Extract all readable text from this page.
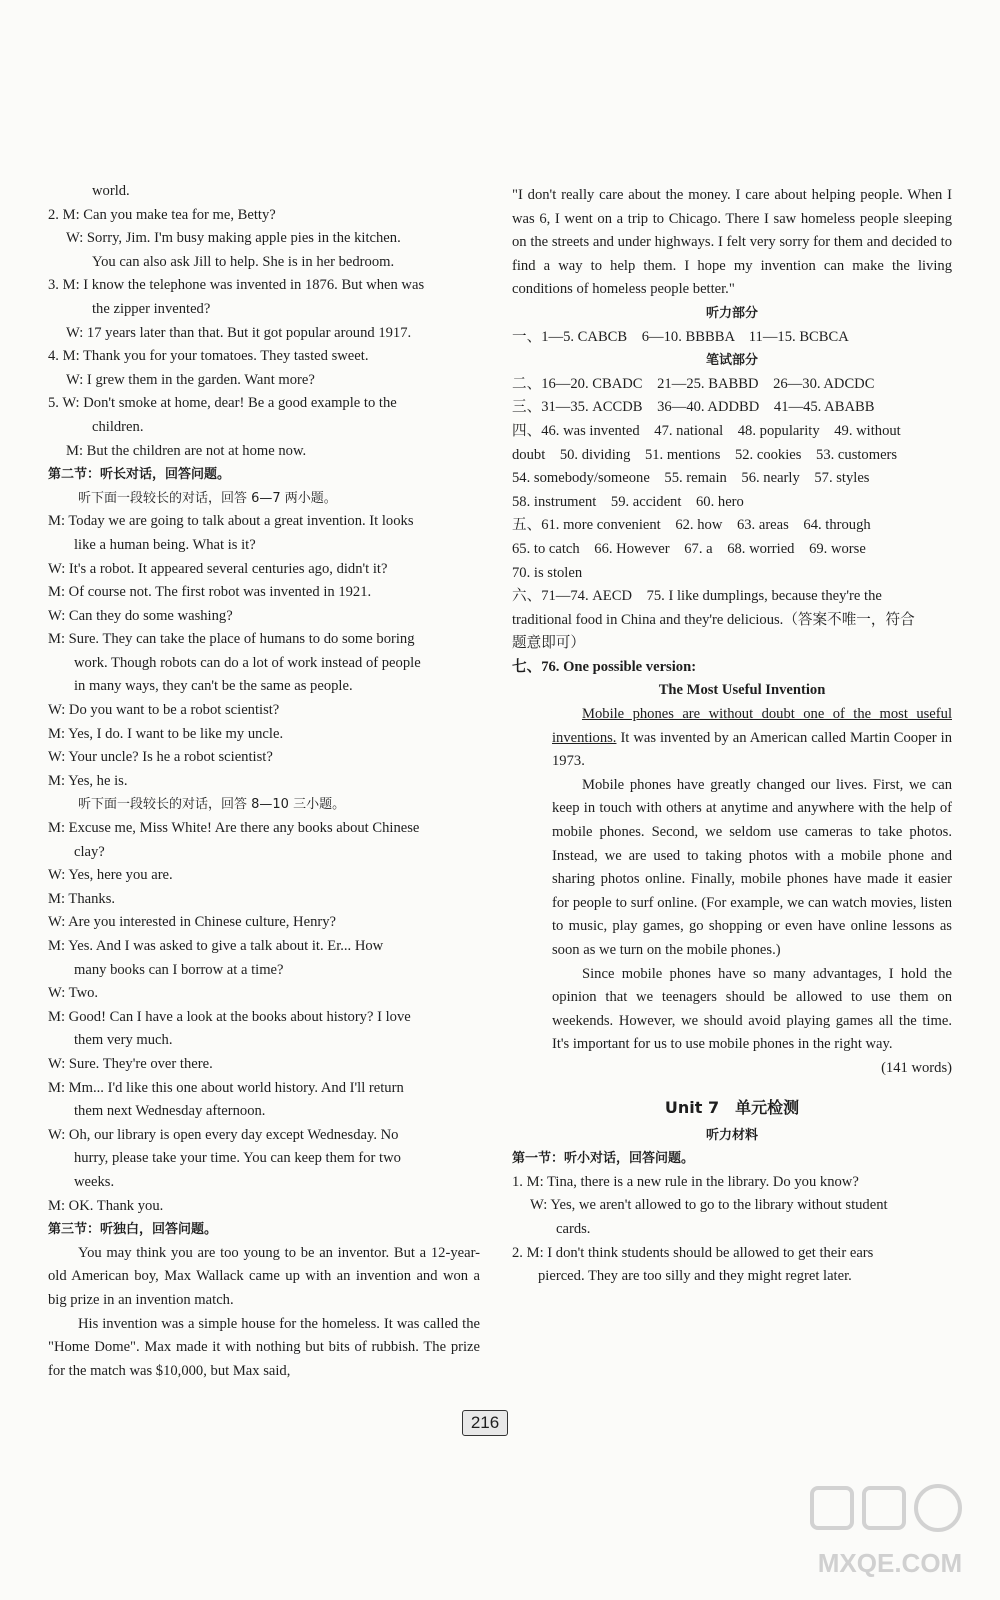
world.
2. M: Can you make tea for me, Betty?
W: Sorry, Jim. I'm busy making apple pies in the kitchen.
You can also ask Jill to help. She is in her bedroom.
3. M: I know the telephone was invented in 1876. But when was
the zipper invented?
W: 17 years later than that. But it got popular around 1917.
4. M: Thank you for your tomatoes. They tasted sweet.
W: I grew them in the garden. Want more?
5. W: Don't smoke at home, dear! Be a good example to the
children.
M: But the children are not at home now.
第二节：听长对话，回答问题。
听下面一段较长的对话，回答 6—7 两小题。
M: Today we are going to talk about a great invention. It looks
like a human being. What is it?
W: It's a robot. It appeared several centuries ago, didn't it?
M: Of course not. The first robot was invented in 1921.
W: Can they do some washing?
M: Sure. They can take the place of humans to do some boring
work. Though robots can do a lot of work instead of people
in many ways, they can't be the same as people.
W: Do you want to be a robot scientist?
M: Yes, I do. I want to be like my uncle.
W: Your uncle? Is he a robot scientist?
M: Yes, he is.
听下面一段较长的对话，回答 8—10 三小题。
M: Excuse me, Miss White! Are there any books about Chinese
clay?
W: Yes, here you are.
M: Thanks.
W: Are you interested in Chinese culture, Henry?
M: Yes. And I was asked to give a talk about it. Er... How
many books can I borrow at a time?
W: Two.
M: Good! Can I have a look at the books about history? I love
them very much.
W: Sure. They're over there.
M: Mm... I'd like this one about world history. And I'll return
them next Wednesday afternoon.
W: Oh, our library is open every day except Wednesday. No
hurry, please take your time. You can keep them for two
weeks.
M: OK. Thank you.
第三节：听独白，回答问题。
You may think you are too young to be an inventor. But a 12-year-old American boy, Max Wallack came up with an invention and won a big prize in an invention match.
His invention was a simple house for the homeless. It was called the "Home Dome". Max made it with nothing but bits of rubbish. The prize for the match was $10,000, but Max said,
"I don't really care about the money. I care about helping people. When I was 6, I went on a trip to Chicago. There I saw homeless people sleeping on the streets and under highways. I felt very sorry for them and decided to find a way to help them. I hope my invention can make the living conditions of homeless people better."
听力部分
一、1—5. CABCB　6—10. BBBBA　11—15. BCBCA
笔试部分
二、16—20. CBADC　21—25. BABBD　26—30. ADCDC
三、31—35. ACCDB　36—40. ADDBD　41—45. ABABB
四、46. was invented　47. national　48. popularity　49. without
doubt　50. dividing　51. mentions　52. cookies　53. customers
54. somebody/someone　55. remain　56. nearly　57. styles
58. instrument　59. accident　60. hero
五、61. more convenient　62. how　63. areas　64. through
65. to catch　66. However　67. a　68. worried　69. worse
70. is stolen
六、71—74. AECD　75. I like dumplings, because they're the
traditional food in China and they're delicious.（答案不唯一，符合
题意即可）
七、76. One possible version:
The Most Useful Invention
Mobile phones are without doubt one of the most useful inventions. It was invented by an American called Martin Cooper in 1973.
Mobile phones have greatly changed our lives. First, we can keep in touch with others at anytime and anywhere with the help of mobile phones. Second, we seldom use cameras to take photos. Instead, we are used to taking photos with a mobile phone and sharing photos online. Finally, mobile phones have made it easier for people to surf online. (For example, we can watch movies, listen to music, play games, go shopping or even have online lessons as soon as we turn on the mobile phones.)
Since mobile phones have so many advantages, I hold the opinion that we teenagers should be allowed to use them on weekends. However, we should avoid playing games all the time. It's important for us to use mobile phones in the right way.
(141 words)
Unit 7　单元检测
听力材料
第一节：听小对话，回答问题。
1. M: Tina, there is a new rule in the library. Do you know?
W: Yes, we aren't allowed to go to the library without student
cards.
2. M: I don't think students should be allowed to get their ears
pierced. They are too silly and they might regret later.
216
MXQE.COM
